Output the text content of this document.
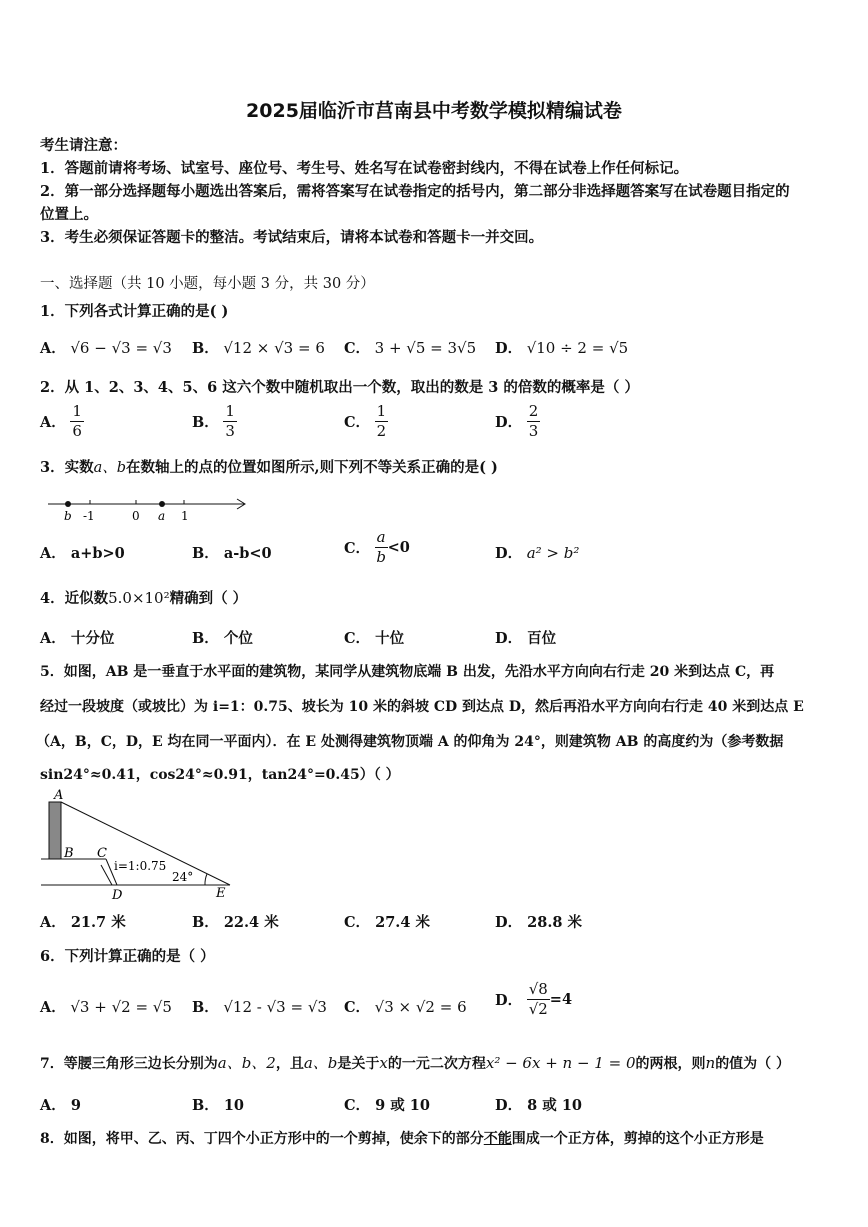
2025届临沂市莒南县中考数学模拟精编试卷
考生请注意：
1．答题前请将考场、试室号、座位号、考生号、姓名写在试卷密封线内，不得在试卷上作任何标记。
2．第一部分选择题每小题选出答案后，需将答案写在试卷指定的括号内，第二部分非选择题答案写在试卷题目指定的
位置上。
3．考生必须保证答题卡的整洁。考试结束后，请将本试卷和答题卡一并交回。
一、选择题（共 10 小题，每小题 3 分，共 30 分）
1．下列各式计算正确的是( )
A． √6 − √3 = √3 B． √12 × √3 = 6 C． 3 + √5 = 3√5 D． √10 ÷ 2 = √5
2．从 1、2、3、4、5、6 这六个数中随机取出一个数，取出的数是 3 的倍数的概率是（ ）
A． $\frac{1}{6}$	B． $\frac{1}{3}$	C． $\frac{1}{2}$	D． $\frac{2}{3}$
3．实数a、b在数轴上的点的位置如图所示,则下列不等关系正确的是( )
b -1	0 a 1
A． a+b>0	B． a-b<0	C． $\frac{a}{b} <0$	D． a² > b²
4．近似数5.0×10²精确到（ ）
A． 十分位	B． 个位	C． 十位	D． 百位
5．如图，AB 是一垂直于水平面的建筑物，某同学从建筑物底端 B 出发，先沿水平方向向右行走 20 米到达点 C，再
经过一段坡度（或坡比）为 i=1：0.75、坡长为 10 米的斜坡 CD 到达点 D，然后再沿水平方向向右行走 40 米到达点 E
（A，B，C，D，E 均在同一平面内）．在 E 处测得建筑物顶端 A 的仰角为 24°，则建筑物 AB 的高度约为（参考数据
sin24°≈0.41，cos24°≈0.91，tan24°=0.45）（ ）
A
B C
D	E
i=1:0.75
24°
A． 21.7 米	B． 22.4 米	C． 27.4 米	D． 28.8 米
6．下列计算正确的是（ ）
A． √3 + √2 = √5 B． √12 - √3 = √3 C． √3 × √2 = 6 D． $\frac{√8}{√2} =4$
7．等腰三角形三边长分别为a、b、2，且a、b是关于x的一元二次方程x² − 6x + n − 1 = 0的两根，则n的值为（ ）
A． 9	B． 10	C． 9 或 10	D． 8 或 10
8．如图，将甲、乙、丙、丁四个小正方形中的一个剪掉，使余下的部分不能围成一个正方体，剪掉的这个小正方形是
